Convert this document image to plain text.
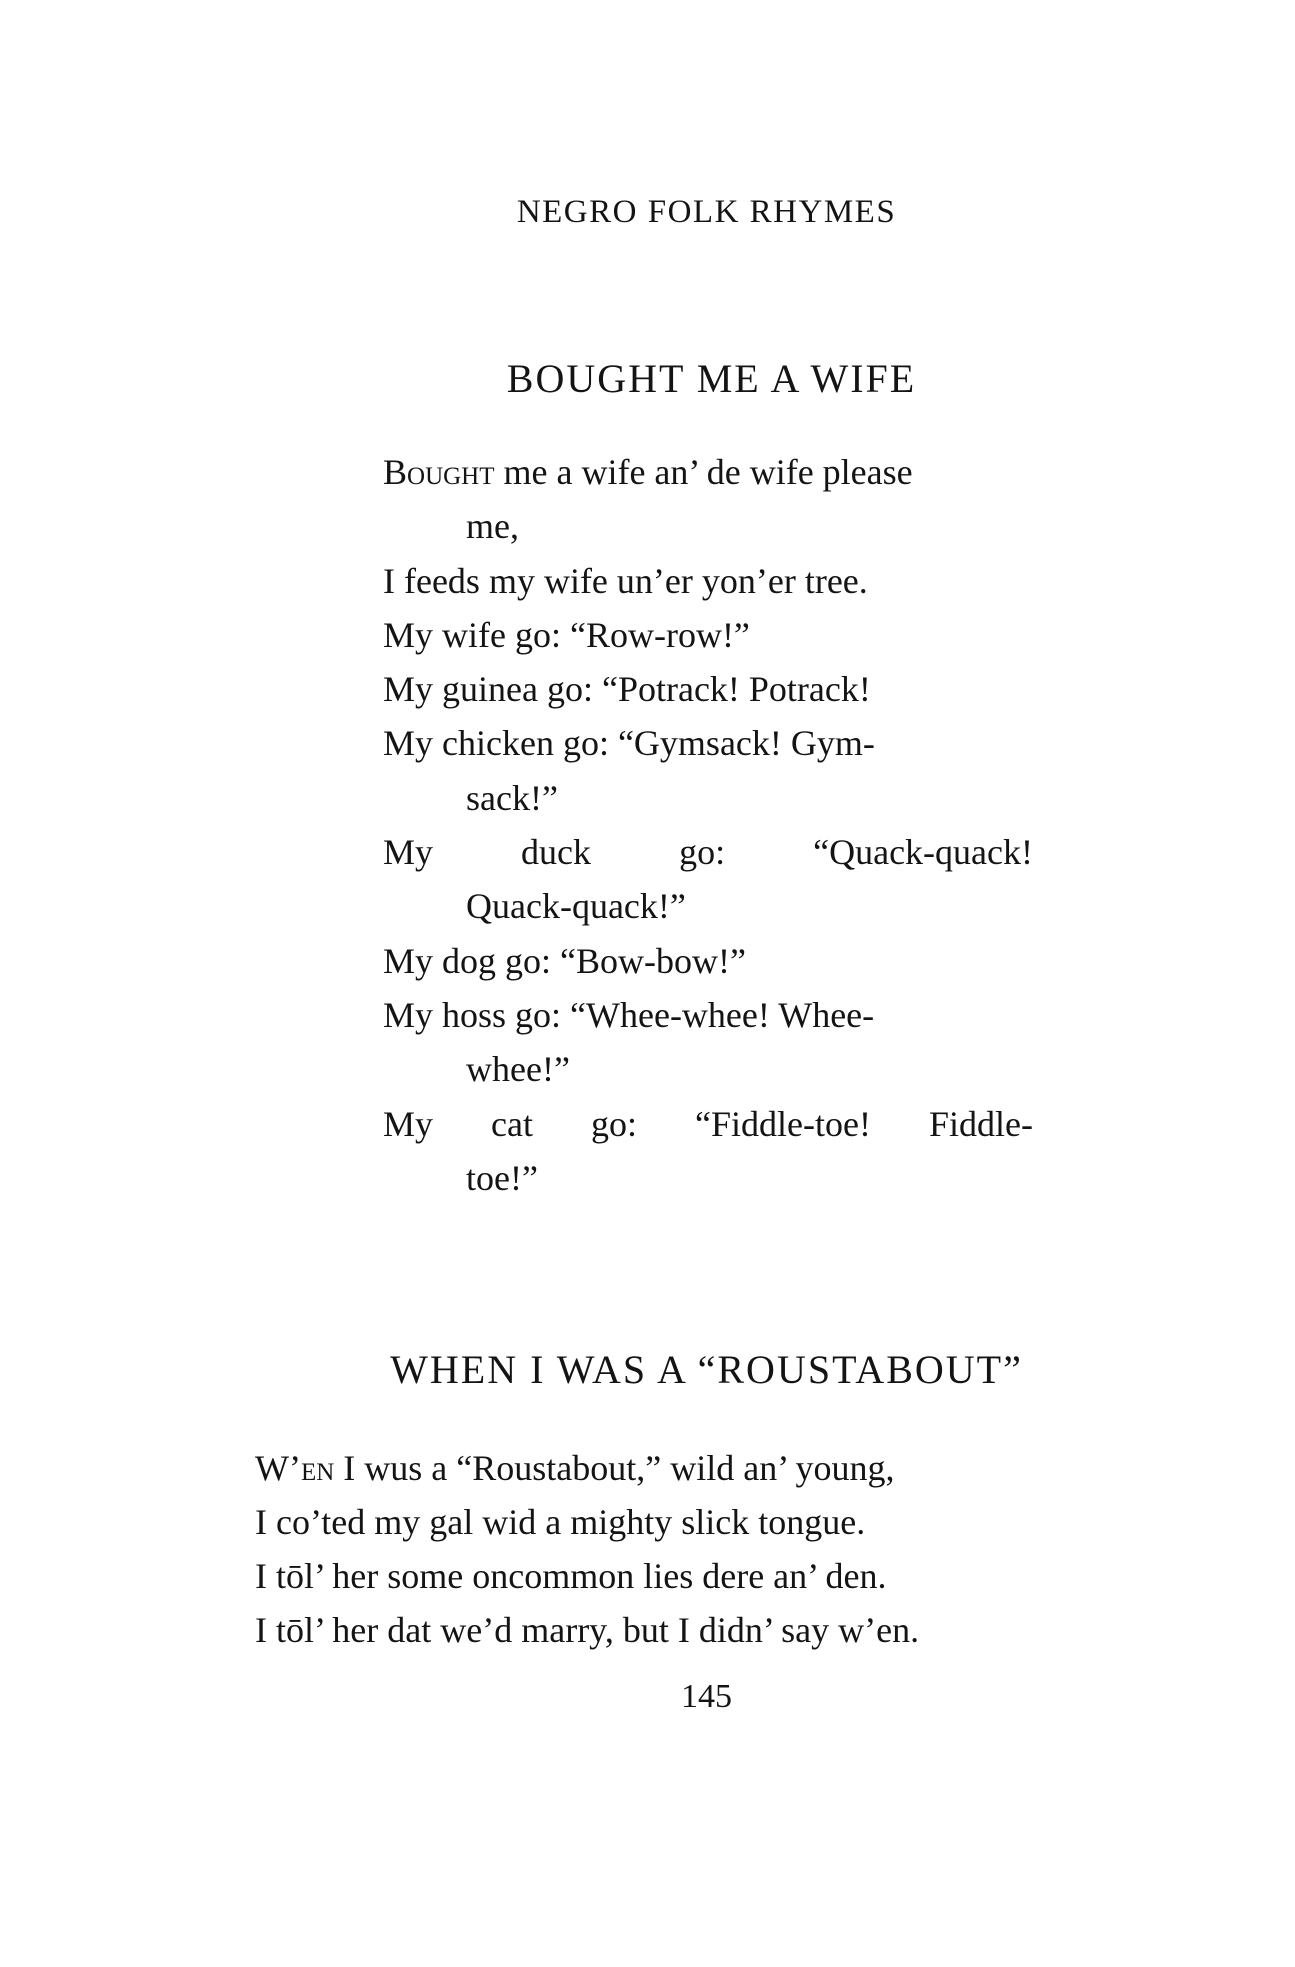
NEGRO FOLK RHYMES
BOUGHT ME A WIFE
Bought me a wife an’ de wife please
me,
I feeds my wife un’er yon’er tree.
My wife go: “Row-row!”
My guinea go: “Potrack! Potrack!
My chicken go: “Gymsack! Gym-
sack!”
My duck go: “Quack-quack!
Quack-quack!”
My dog go: “Bow-bow!”
My hoss go: “Whee-whee! Whee-
whee!”
My cat go: “Fiddle-toe! Fiddle-
toe!”
WHEN I WAS A “ROUSTABOUT”
W’en I wus a “Roustabout,” wild an’ young,
I co’ted my gal wid a mighty slick tongue.
I tōl’ her some oncommon lies dere an’ den.
I tōl’ her dat we’d marry, but I didn’ say w’en.
145
